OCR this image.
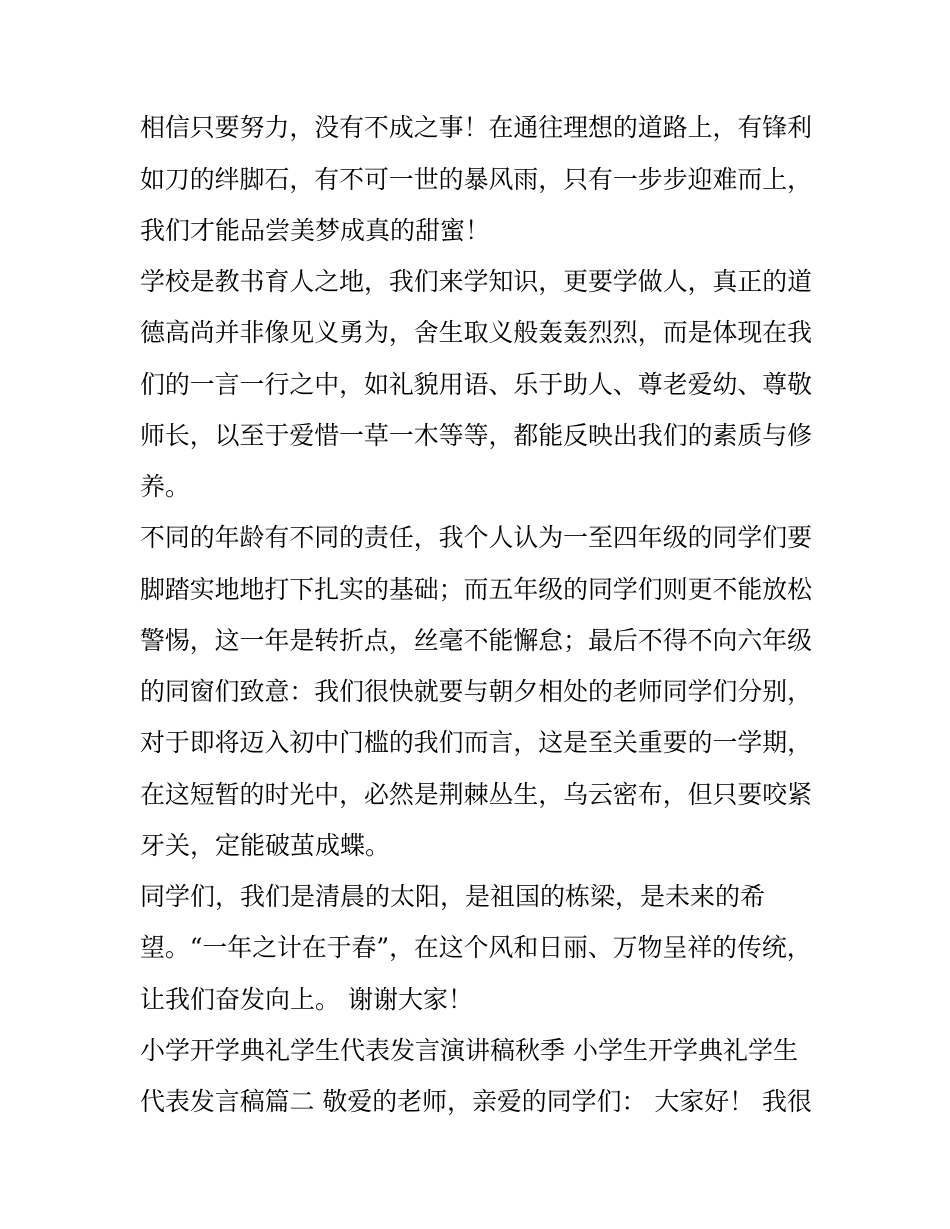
相信只要努力，没有不成之事！在通往理想的道路上，有锋利
如刀的绊脚石，有不可一世的暴风雨，只有一步步迎难而上，
我们才能品尝美梦成真的甜蜜！
学校是教书育人之地，我们来学知识，更要学做人，真正的道
德高尚并非像见义勇为，舍生取义般轰轰烈烈，而是体现在我
们的一言一行之中，如礼貌用语、乐于助人、尊老爱幼、尊敬
师长，以至于爱惜一草一木等等，都能反映出我们的素质与修
养。
不同的年龄有不同的责任，我个人认为一至四年级的同学们要
脚踏实地地打下扎实的基础；而五年级的同学们则更不能放松
警惕，这一年是转折点，丝毫不能懈怠；最后不得不向六年级
的同窗们致意：我们很快就要与朝夕相处的老师同学们分别，
对于即将迈入初中门槛的我们而言，这是至关重要的一学期，
在这短暂的时光中，必然是荆棘丛生，乌云密布，但只要咬紧
牙关，定能破茧成蝶。
同学们，我们是清晨的太阳，是祖国的栋梁，是未来的希
望。“一年之计在于春”，在这个风和日丽、万物呈祥的传统，
让我们奋发向上。 谢谢大家！
小学开学典礼学生代表发言演讲稿秋季 小学生开学典礼学生
代表发言稿篇二 敬爱的老师，亲爱的同学们： 大家好！ 我很
